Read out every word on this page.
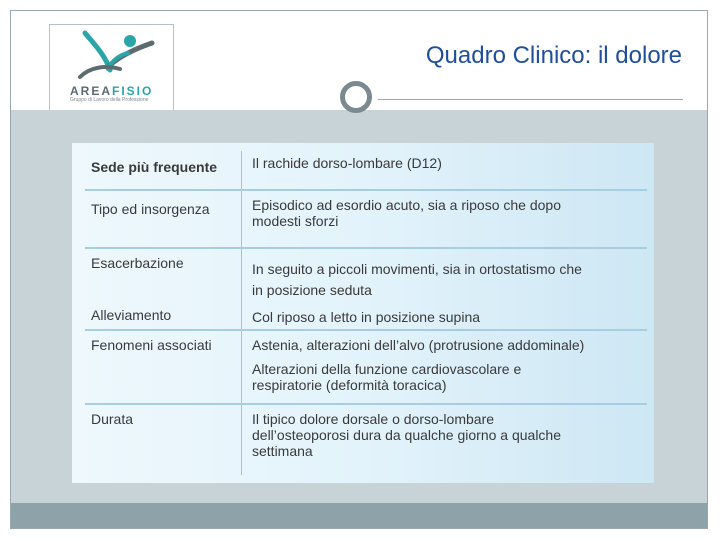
AREAFISIO
Gruppo di Lavoro della Professione
Quadro Clinico: il dolore
Sede più frequente	Il rachide dorso-lombare (D12)

Tipo ed insorgenza	Episodico ad esordio acuto, sia a riposo che dopo
modesti sforzi

Esacerbazione	In seguito a piccoli movimenti, sia in ortostatismo che
in posizione seduta

Alleviamento	Col riposo a letto in posizione supina

Fenomeni associati	Astenia, alterazioni dell’alvo (protrusione addominale)
Alterazioni della funzione cardiovascolare e
respiratorie (deformità toracica)

Durata	Il tipico dolore dorsale o dorso-lombare
dell’osteoporosi dura da qualche giorno a qualche
settimana
